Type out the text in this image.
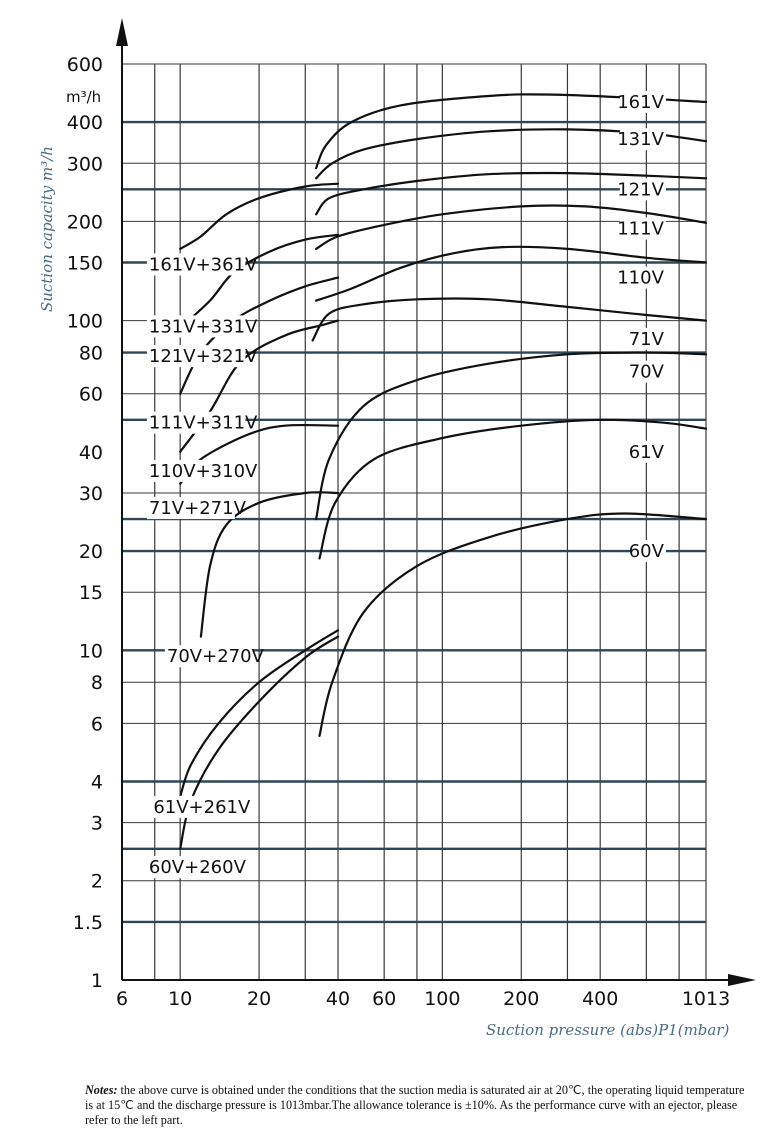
600
400
300
200
150
100
80
60
40
30
20
15
10
8
6
4
3
2
1.5
1
6 10	20	40 60 100 200 400	1013
161V
131V
121V
111V
110V
71V
70V
61V
60V
161V+361V
131V+331V
121V+321V
111V+311V
110V+310V
71V+271V
70V+270V
61V+261V
60V+260V
m³/h
Suction capacity m³/h
Suction pressure (abs)P1(mbar)
Notes: the above curve is obtained under the conditions that the suction media is saturated air at 20℃, the operating liquid temperature is at 15℃ and the discharge pressure is 1013mbar.The allowance tolerance is ±10%. As the performance curve with an ejector, please refer to the left part.
